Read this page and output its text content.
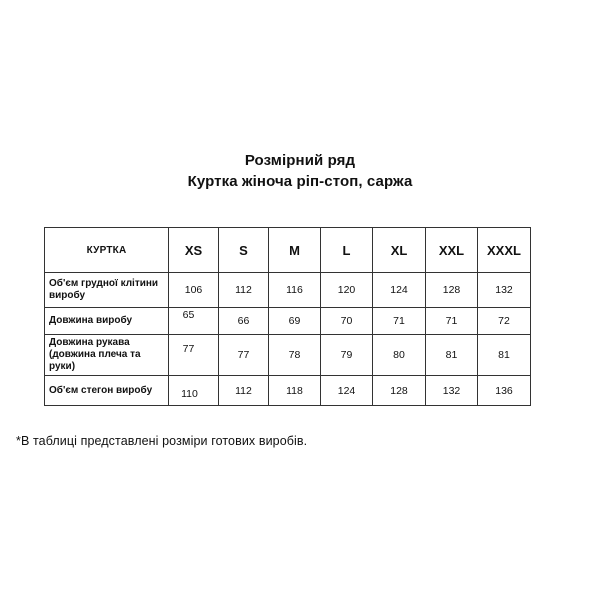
Розмірний ряд
Куртка жіноча ріп-стоп, саржа
КУРТКА	XS	S	M	L	XL	XXL	XXXL
Об'єм грудної клітини виробу	106	112	116	120	124	128	132
Довжина виробу	65	66	69	70	71	71	72
Довжина рукава (довжина плеча та руки)	77	77	78	79	80	81	81
Об'єм стегон виробу	110	112	118	124	128	132	136
*В таблиці представлені розміри готових виробів.
